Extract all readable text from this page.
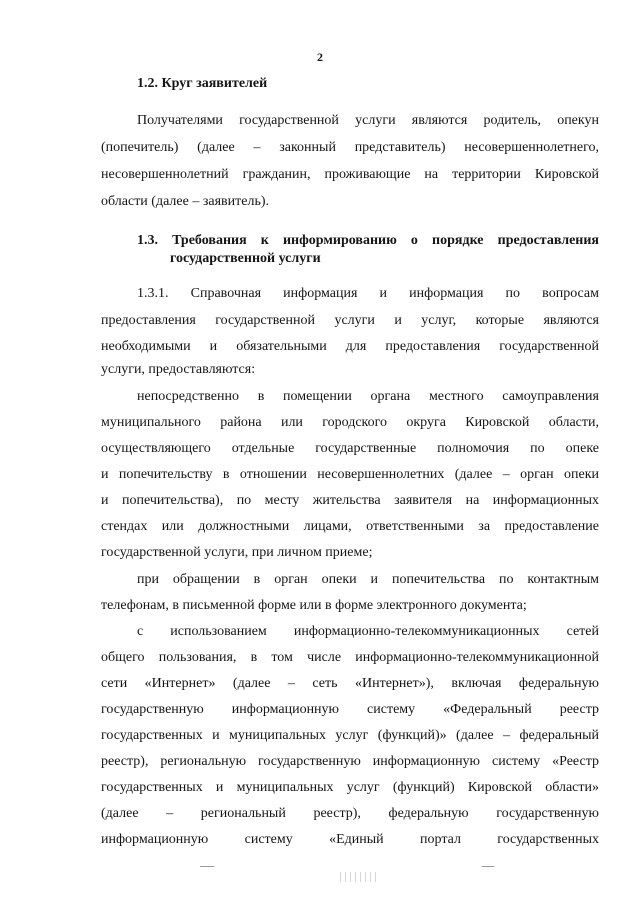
2
1.2. Круг заявителей
Получателями государственной услуги являются родитель, опекун
(попечитель) (далее – законный представитель) несовершеннолетнего,
несовершеннолетний гражданин, проживающие на территории Кировской
области (далее – заявитель).
1.3. Требования к информированию о порядке предоставления
государственной услуги
1.3.1. Справочная информация и информация по вопросам
предоставления государственной услуги и услуг, которые являются
необходимыми и обязательными для предоставления государственной
услуги, предоставляются:
непосредственно в помещении органа местного самоуправления
муниципального района или городского округа Кировской области,
осуществляющего отдельные государственные полномочия по опеке
и попечительству в отношении несовершеннолетних (далее – орган опеки
и попечительства), по месту жительства заявителя на информационных
стендах или должностными лицами, ответственными за предоставление
государственной услуги, при личном приеме;
при обращении в орган опеки и попечительства по контактным
телефонам, в письменной форме или в форме электронного документа;
с использованием информационно-телекоммуникационных сетей
общего пользования, в том числе информационно-телекоммуникационной
сети «Интернет» (далее – сеть «Интернет»), включая федеральную
государственную информационную систему «Федеральный реестр
государственных и муниципальных услуг (функций)» (далее – федеральный
реестр), региональную государственную информационную систему «Реестр
государственных и муниципальных услуг (функций) Кировской области»
(далее – региональный реестр), федеральную государственную
информационную систему «Единый портал государственных
